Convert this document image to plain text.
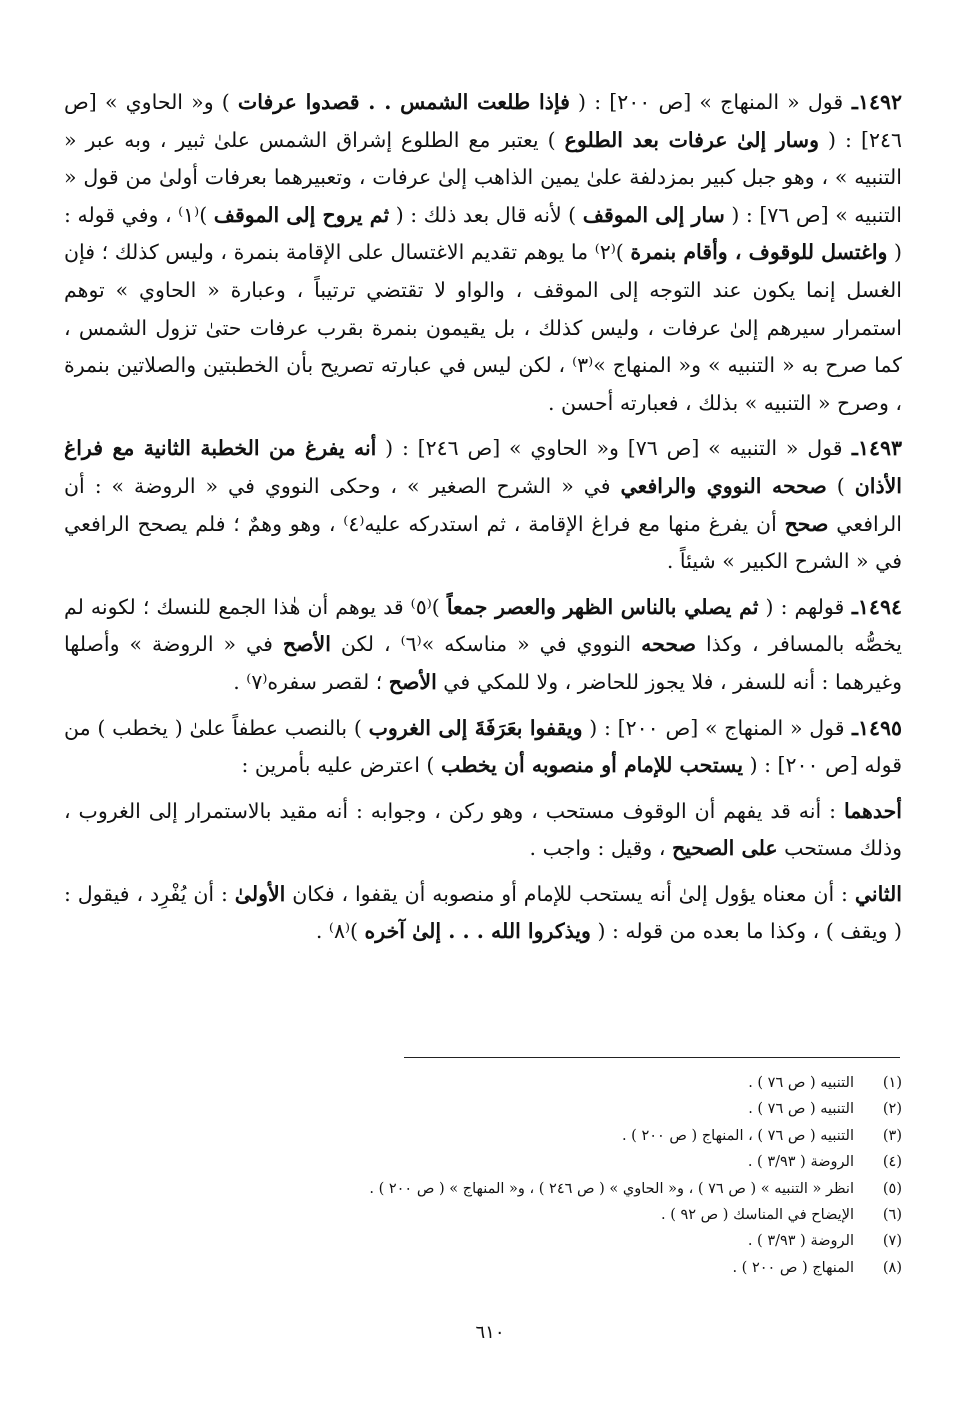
١٤٩٢ـ قول « المنهاج » [ص ٢٠٠] : ( فإذا طلعت الشمس . . قصدوا عرفات ) و« الحاوي » [ص ٢٤٦] : ( وسار إلىٰ عرفات بعد الطلوع ) يعتبر مع الطلوع إشراق الشمس علىٰ ثبير ، وبه عبر « التنبيه » ، وهو جبل كبير بمزدلفة علىٰ يمين الذاهب إلىٰ عرفات ، وتعبيرهما بعرفات أولىٰ من قول « التنبيه » [ص ٧٦] : ( سار إلى الموقف ) لأنه قال بعد ذلك : ( ثم يروح إلى الموقف )⁽١⁾ ، وفي قوله : ( واغتسل للوقوف ، وأقام بنمرة )⁽٢⁾ ما يوهم تقديم الاغتسال على الإقامة بنمرة ، وليس كذلك ؛ فإن الغسل إنما يكون عند التوجه إلى الموقف ، والواو لا تقتضي ترتيباً ، وعبارة « الحاوي » توهم استمرار سيرهم إلىٰ عرفات ، وليس كذلك ، بل يقيمون بنمرة بقرب عرفات حتىٰ تزول الشمس ، كما صرح به « التنبيه » و« المنهاج »⁽٣⁾ ، لكن ليس في عبارته تصريح بأن الخطبتين والصلاتين بنمرة ، وصرح « التنبيه » بذلك ، فعبارته أحسن .

١٤٩٣ـ قول « التنبيه » [ص ٧٦] و« الحاوي » [ص ٢٤٦] : ( أنه يفرغ من الخطبة الثانية مع فراغ الأذان ) صححه النووي والرافعي في « الشرح الصغير » ، وحكى النووي في « الروضة » : أن الرافعي صحح أن يفرغ منها مع فراغ الإقامة ، ثم استدركه عليه⁽٤⁾ ، وهو وهمٌ ؛ فلم يصحح الرافعي في « الشرح الكبير » شيئاً .

١٤٩٤ـ قولهم : ( ثم يصلي بالناس الظهر والعصر جمعاً )⁽٥⁾ قد يوهم أن هٰذا الجمع للنسك ؛ لكونه لم يخصُّه بالمسافر ، وكذا صححه النووي في « مناسكه »⁽٦⁾ ، لكن الأصح في « الروضة » وأصلها وغيرهما : أنه للسفر ، فلا يجوز للحاضر ، ولا للمكي في الأصح ؛ لقصر سفره⁽٧⁾ .

١٤٩٥ـ قول « المنهاج » [ص ٢٠٠] : ( ويقفوا بعَرَفَةَ إلى الغروب ) بالنصب عطفاً علىٰ ( يخطب ) من قوله [ص ٢٠٠] : ( يستحب للإمام أو منصوبه أن يخطب ) اعترض عليه بأمرين :

أحدهما : أنه قد يفهم أن الوقوف مستحب ، وهو ركن ، وجوابه : أنه مقيد بالاستمرار إلى الغروب ، وذلك مستحب على الصحيح ، وقيل : واجب .

الثاني : أن معناه يؤول إلىٰ أنه يستحب للإمام أو منصوبه أن يقفوا ، فكان الأولىٰ : أن يُفْرِد ، فيقول : ( ويقف ) ، وكذا ما بعده من قوله : ( ويذكروا الله . . . إلىٰ آخره )⁽٨⁾ .

(١)
التنبيه ( ص ٧٦ ) .
(٢)
التنبيه ( ص ٧٦ ) .
(٣)
التنبيه ( ص ٧٦ ) ، المنهاج ( ص ٢٠٠ ) .
(٤)
الروضة ( ٣/٩٣ ) .
(٥)
انظر « التنبيه » ( ص ٧٦ ) ، و« الحاوي » ( ص ٢٤٦ ) ، و« المنهاج » ( ص ٢٠٠ ) .
(٦)
الإيضاح في المناسك ( ص ٩٢ ) .
(٧)
الروضة ( ٣/٩٣ ) .
(٨)
المنهاج ( ص ٢٠٠ ) .
٦١٠
